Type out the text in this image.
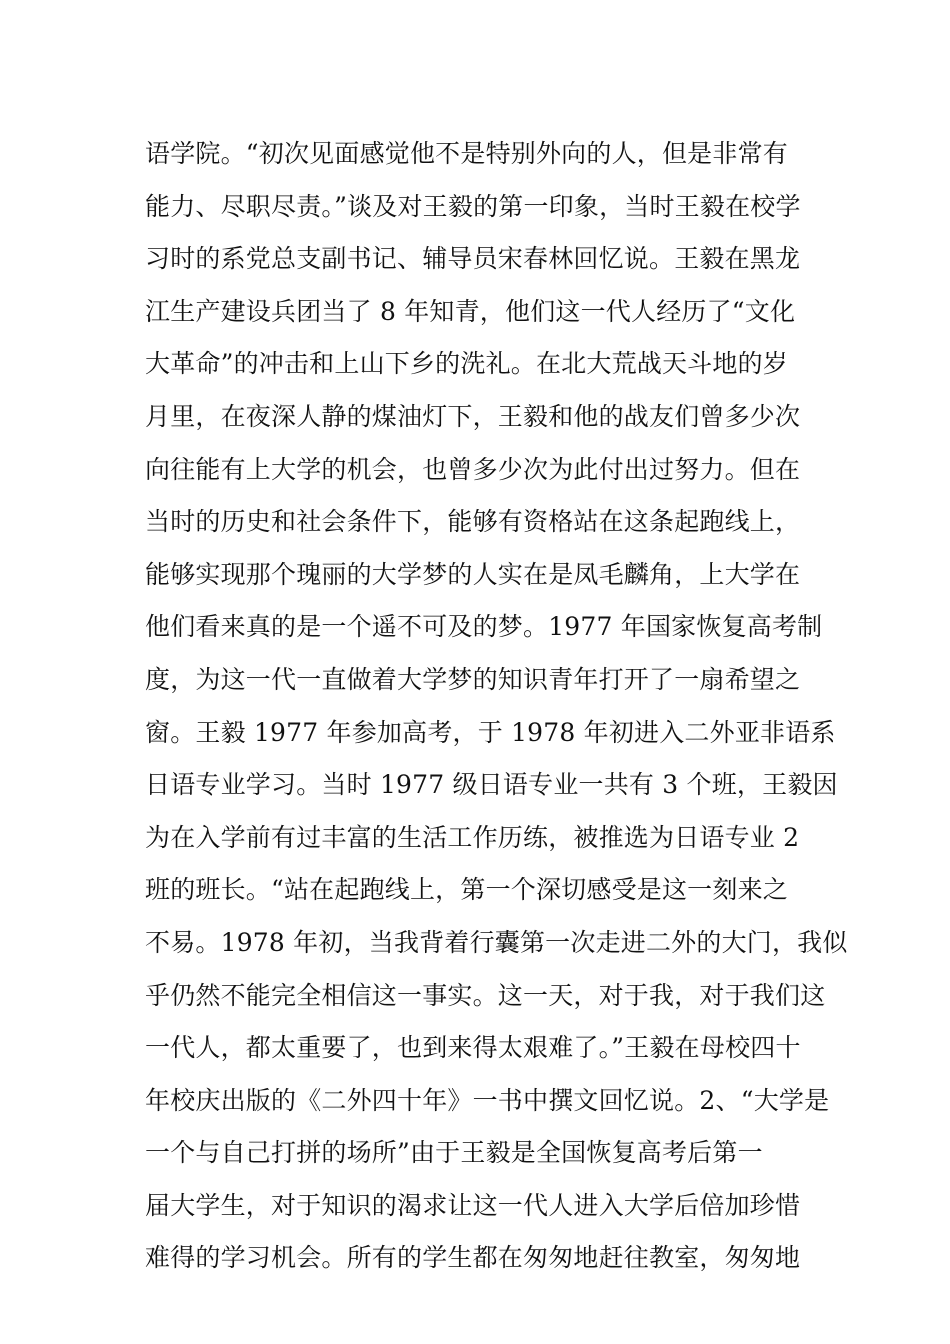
语学院。“初次见面感觉他不是特别外向的人，但是非常有
能力、尽职尽责。”谈及对王毅的第一印象，当时王毅在校学
习时的系党总支副书记、辅导员宋春林回忆说。王毅在黑龙
江生产建设兵团当了 8 年知青，他们这一代人经历了“文化
大革命”的冲击和上山下乡的洗礼。在北大荒战天斗地的岁
月里，在夜深人静的煤油灯下，王毅和他的战友们曾多少次
向往能有上大学的机会，也曾多少次为此付出过努力。但在
当时的历史和社会条件下，能够有资格站在这条起跑线上，
能够实现那个瑰丽的大学梦的人实在是凤毛麟角，上大学在
他们看来真的是一个遥不可及的梦。1977 年国家恢复高考制
度，为这一代一直做着大学梦的知识青年打开了一扇希望之
窗。王毅 1977 年参加高考，于 1978 年初进入二外亚非语系
日语专业学习。当时 1977 级日语专业一共有 3 个班，王毅因
为在入学前有过丰富的生活工作历练，被推选为日语专业 2
班的班长。“站在起跑线上，第一个深切感受是这一刻来之
不易。1978 年初，当我背着行囊第一次走进二外的大门，我似
乎仍然不能完全相信这一事实。这一天，对于我，对于我们这
一代人，都太重要了，也到来得太艰难了。”王毅在母校四十
年校庆出版的《二外四十年》一书中撰文回忆说。2、“大学是
一个与自己打拼的场所”由于王毅是全国恢复高考后第一
届大学生，对于知识的渴求让这一代人进入大学后倍加珍惜
难得的学习机会。所有的学生都在匆匆地赶往教室，匆匆地
